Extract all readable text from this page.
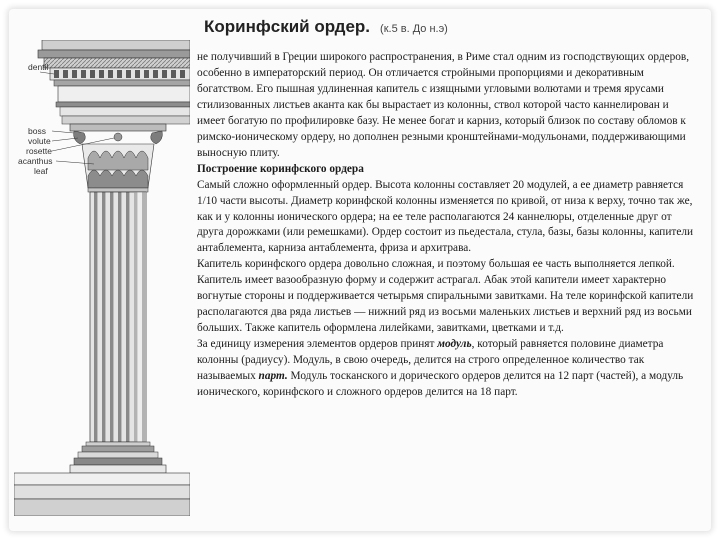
Коринфский ордер. (к.5 в. До н.э)
dentil
boss
volute
rosette
acanthus
leaf

не получивший в Греции широкого распространения, в Риме стал одним из господствующих ордеров, особенно в императорский период. Он отличается стройными пропорциями и декоративным богатством. Его пышная удлиненная капитель с изящными угловыми волютами и тремя ярусами стилизованных листьев аканта как бы вырастает из колонны, ствол которой часто каннелирован и имеет богатую по профилировке базу. Не менее богат и карниз, который близок по составу обломов к римско-ионическому ордеру, но дополнен резными кронштейнами-модульонами, поддерживающими выносную плиту.

Построение коринфского ордера

Самый сложно оформленный ордер. Высота колонны составляет 20 модулей, а ее диаметр равняется 1/10 части высоты. Диаметр коринфской колонны изменяется по кривой, от низа к верху, точно так же, как и у колонны ионического ордера; на ее теле располагаются 24 каннелюры, отделенные друг от друга дорожками (или ремешками). Ордер состоит из пьедестала, стула, базы, базы колонны, капители антаблемента, карниза антаблемента, фриза и архитрава.

Капитель коринфского ордера довольно сложная, и поэтому большая ее часть выполняется лепкой. Капитель имеет вазообразную форму и содержит астрагал. Абак этой капители имеет характерно вогнутые стороны и поддерживается четырьмя спиральными завитками. На теле коринфской капители располагаются два ряда листьев — нижний ряд из восьми маленьких листьев и верхний ряд из восьми больших. Также капитель оформлена лилейками, завитками, цветками и т.д.

За единицу измерения элементов ордеров принят модуль, который равняется половине диаметра колонны (радиусу). Модуль, в свою очередь, делится на строго определенное количество так называемых парт. Модуль тосканского и дорического ордеров делится на 12 парт (частей), а модуль ионического, коринфского и сложного ордеров делится на 18 парт.
